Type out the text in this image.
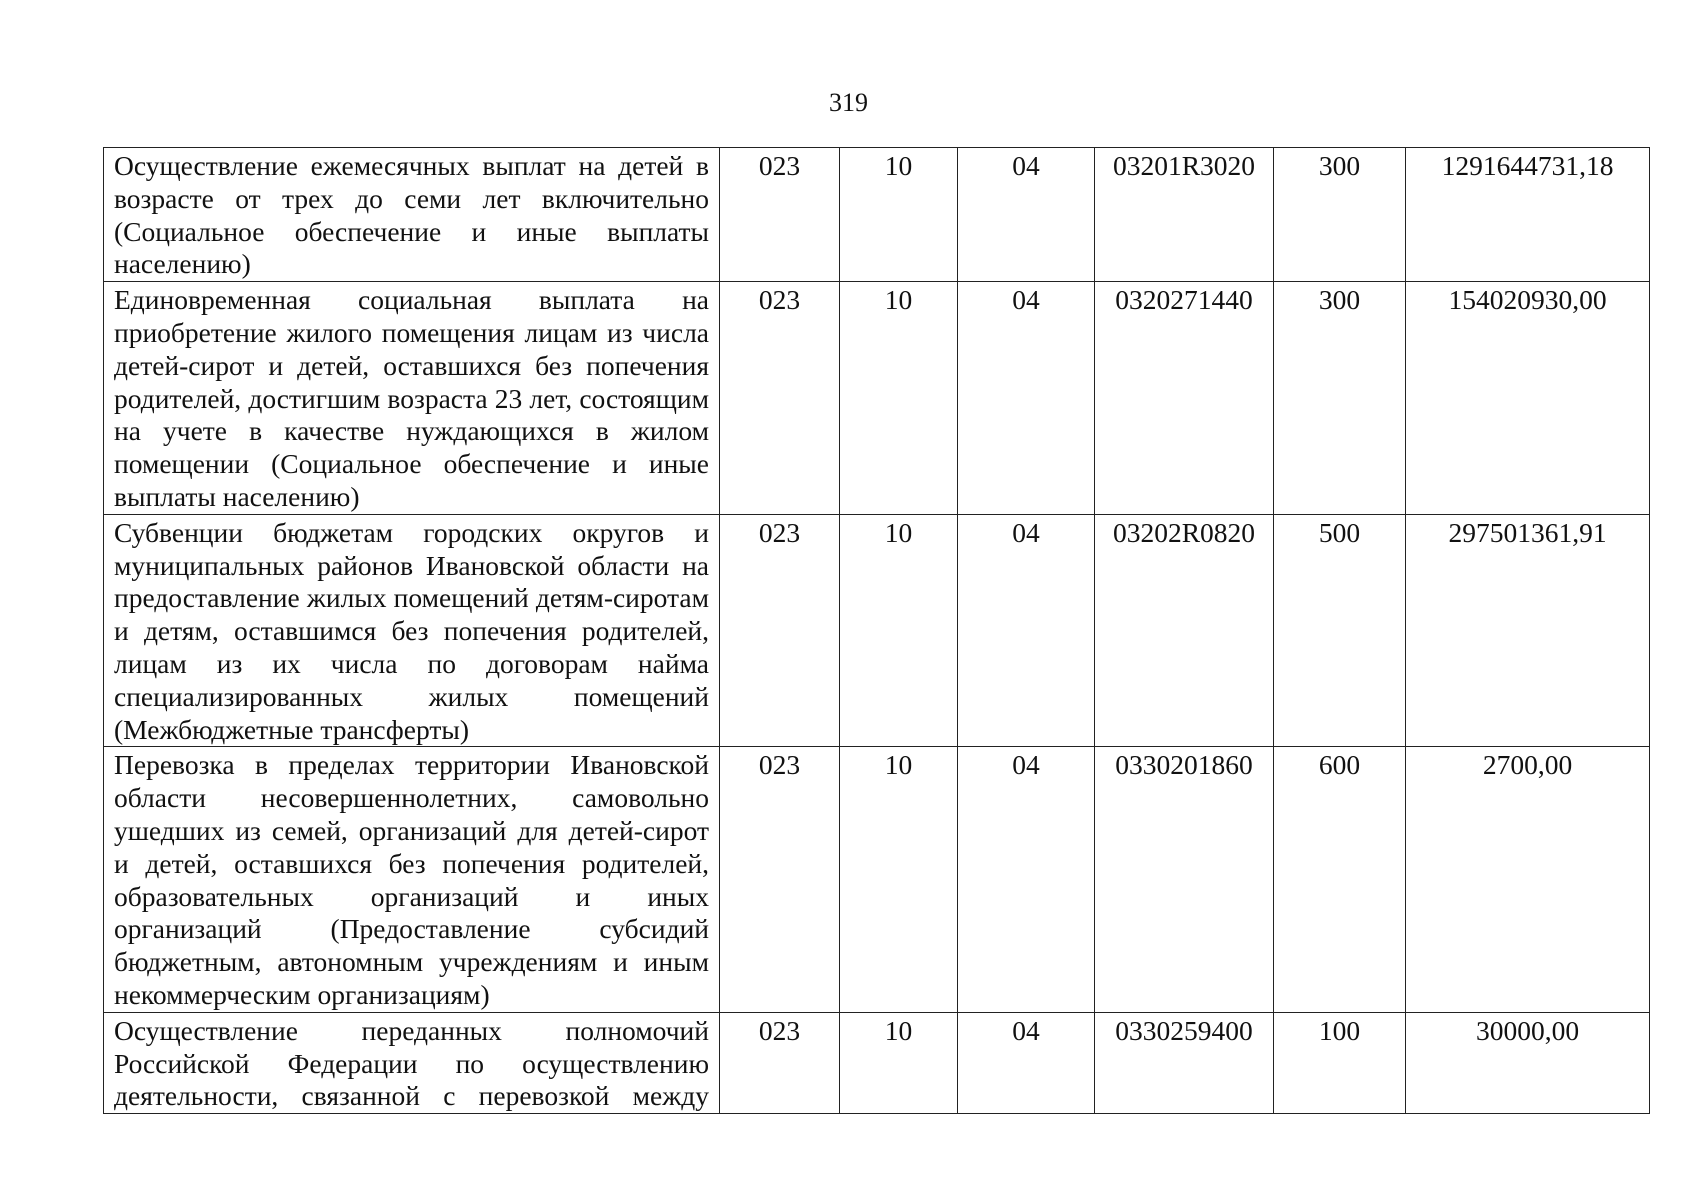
319
Осуществление ежемесячных выплат на детей в возрасте от трех до семи лет включительно (Социальное обеспечение и иные выплаты населению)	023	10	04	03201R3020	300	1291644731,18
Единовременная социальная выплата на приобретение жилого помещения лицам из числа детей-сирот и детей, оставшихся без попечения родителей, достигшим возраста 23 лет, состоящим на учете в качестве нуждающихся в жилом помещении (Социальное обеспечение и иные выплаты населению)	023	10	04	0320271440	300	154020930,00
Субвенции бюджетам городских округов и муниципальных районов Ивановской области на предоставление жилых помещений детям-сиротам и детям, оставшимся без попечения родителей, лицам из их числа по договорам найма специализированных жилых помещений (Межбюджетные трансферты)	023	10	04	03202R0820	500	297501361,91
Перевозка в пределах территории Ивановской области несовершеннолетних, самовольно ушедших из семей, организаций для детей-сирот и детей, оставшихся без попечения родителей, образовательных организаций и иных организаций (Предоставление субсидий бюджетным, автономным учреждениям и иным некоммерческим организациям)	023	10	04	0330201860	600	2700,00
Осуществление переданных полномочий Российской Федерации по осуществлению деятельности, связанной с перевозкой между	023	10	04	0330259400	100	30000,00
